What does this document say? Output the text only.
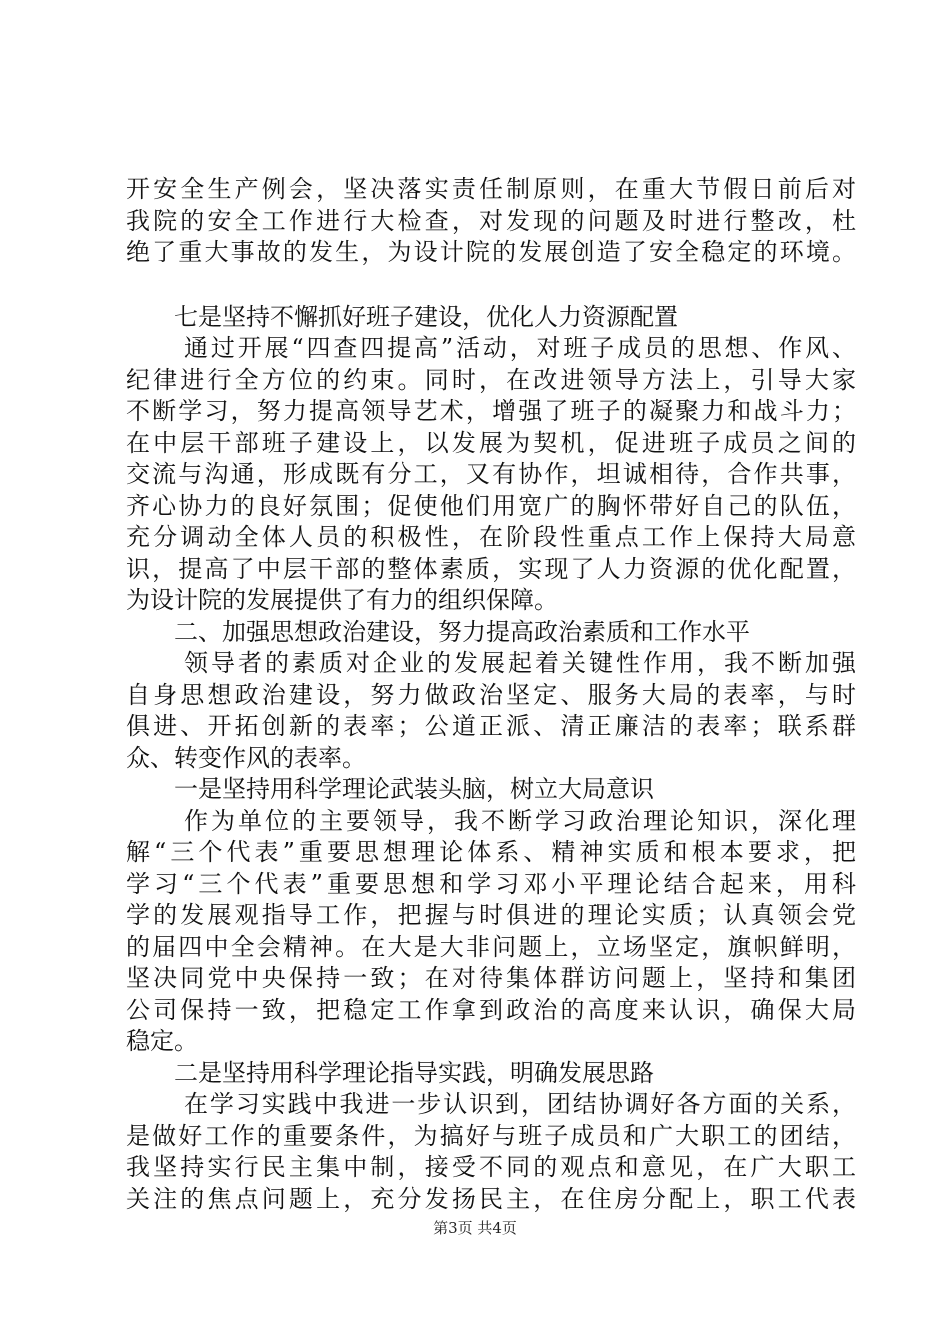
开安全生产例会，坚决落实责任制原则，在重大节假日前后对
我院的安全工作进行大检查，对发现的问题及时进行整改，杜
绝了重大事故的发生，为设计院的发展创造了安全稳定的环境。
七是坚持不懈抓好班子建设，优化人力资源配置
通过开展“四查四提高”活动，对班子成员的思想、作风、
纪律进行全方位的约束。同时，在改进领导方法上，引导大家
不断学习，努力提高领导艺术，增强了班子的凝聚力和战斗力；
在中层干部班子建设上，以发展为契机，促进班子成员之间的
交流与沟通，形成既有分工，又有协作，坦诚相待，合作共事，
齐心协力的良好氛围；促使他们用宽广的胸怀带好自己的队伍，
充分调动全体人员的积极性，在阶段性重点工作上保持大局意
识，提高了中层干部的整体素质，实现了人力资源的优化配置，
为设计院的发展提供了有力的组织保障。
二、加强思想政治建设，努力提高政治素质和工作水平
领导者的素质对企业的发展起着关键性作用，我不断加强
自身思想政治建设，努力做政治坚定、服务大局的表率，与时
俱进、开拓创新的表率；公道正派、清正廉洁的表率；联系群
众、转变作风的表率。
一是坚持用科学理论武装头脑，树立大局意识
作为单位的主要领导，我不断学习政治理论知识，深化理
解“三个代表”重要思想理论体系、精神实质和根本要求，把
学习“三个代表”重要思想和学习邓小平理论结合起来，用科
学的发展观指导工作，把握与时俱进的理论实质；认真领会党
的届四中全会精神。在大是大非问题上，立场坚定，旗帜鲜明，
坚决同党中央保持一致；在对待集体群访问题上，坚持和集团
公司保持一致，把稳定工作拿到政治的高度来认识，确保大局
稳定。
二是坚持用科学理论指导实践，明确发展思路
在学习实践中我进一步认识到，团结协调好各方面的关系，
是做好工作的重要条件，为搞好与班子成员和广大职工的团结，
我坚持实行民主集中制，接受不同的观点和意见，在广大职工
关注的焦点问题上，充分发扬民主，在住房分配上，职工代表
第3页 共4页
